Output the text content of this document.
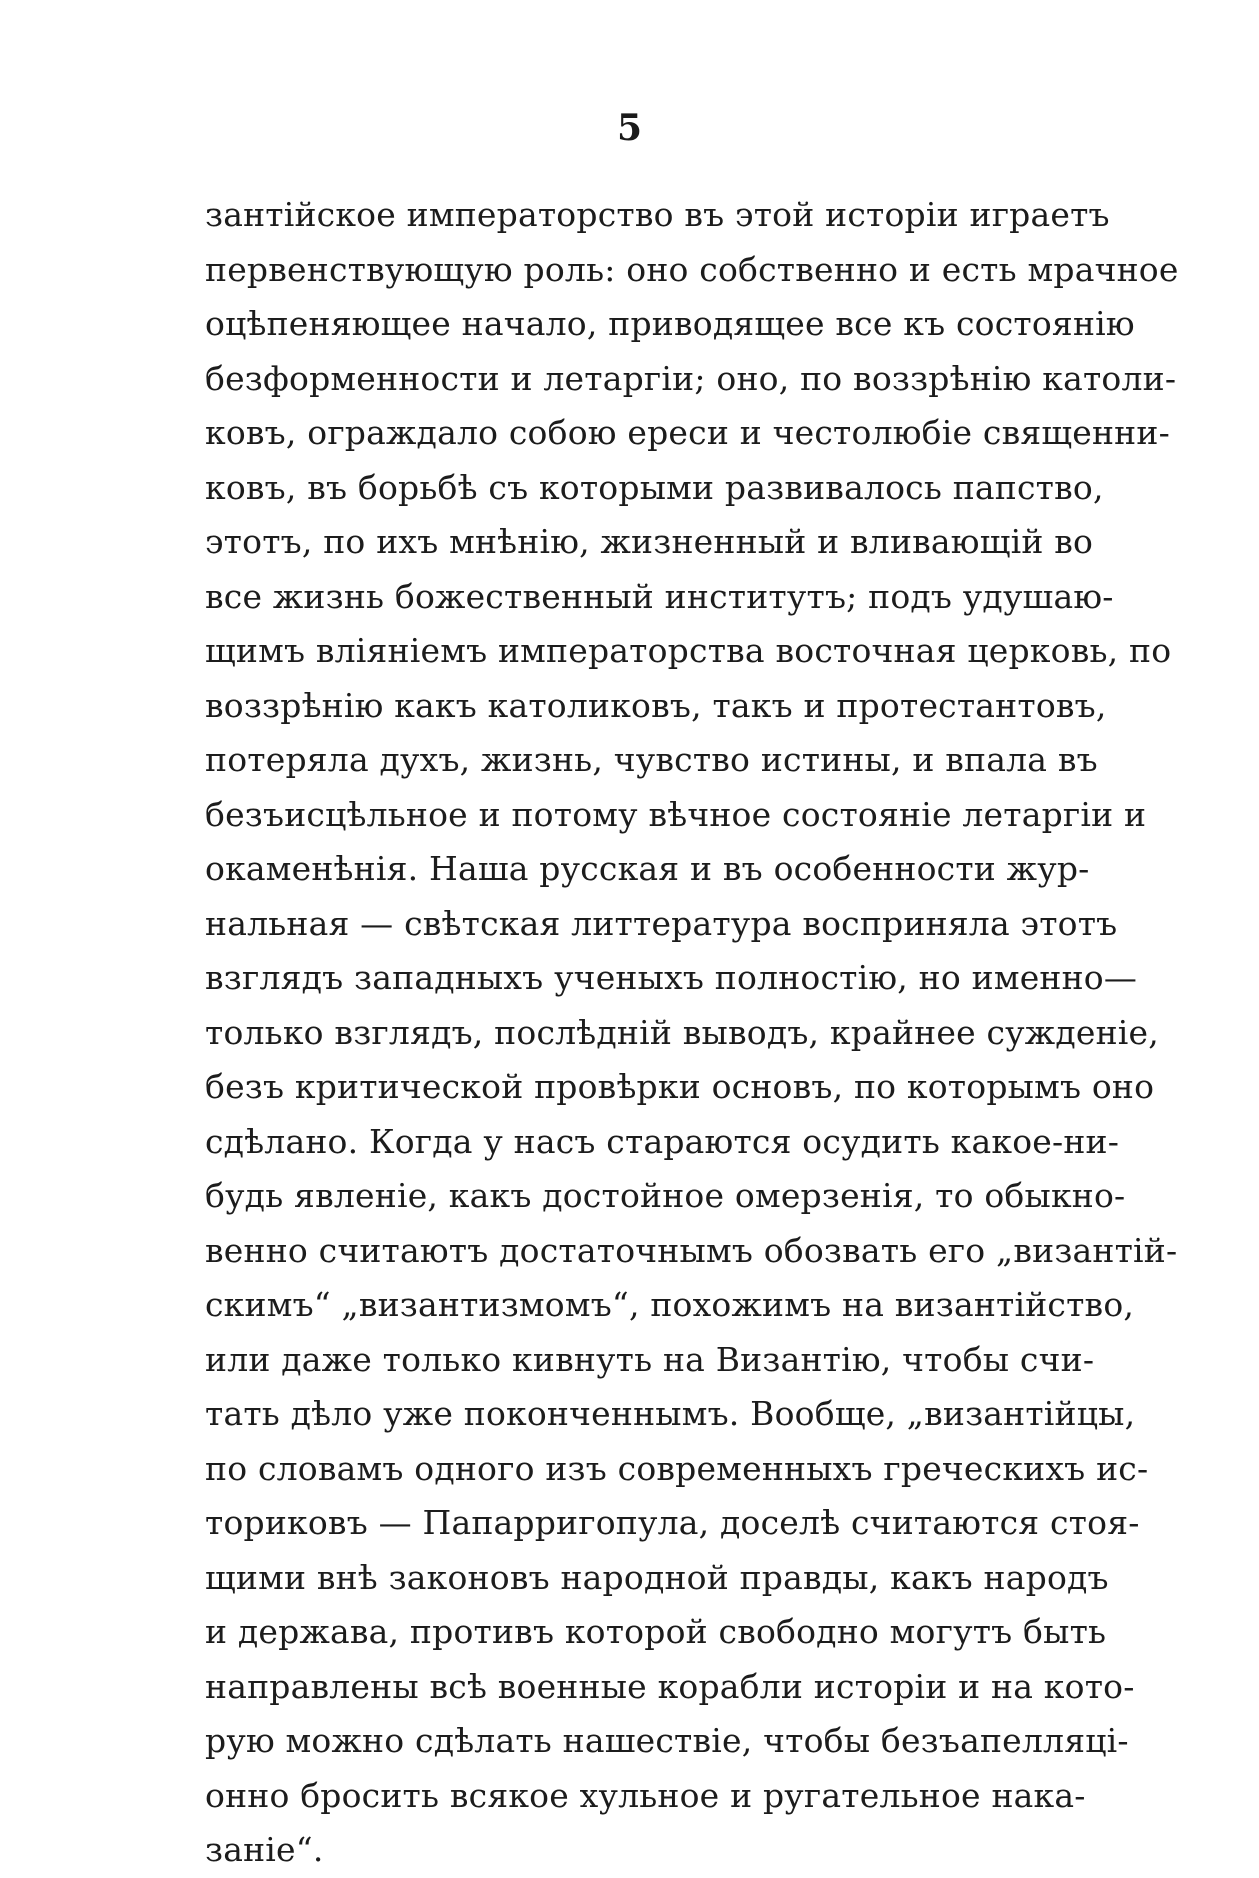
5
зантійское императорство въ этой исторіи играетъ
первенствующую роль: оно собственно и есть мрачное
оцѣпеняющее начало, приводящее все къ состоянію
безформенности и летаргіи; оно, по воззрѣнію католи-
ковъ, ограждало собою ереси и честолюбіе священни-
ковъ, въ борьбѣ съ которыми развивалось папство,
этотъ, по ихъ мнѣнію, жизненный и вливающій во
все жизнь божественный институтъ; подъ удушаю-
щимъ вліяніемъ императорства восточная церковь, по
воззрѣнію какъ католиковъ, такъ и протестантовъ,
потеряла духъ, жизнь, чувство истины, и впала въ
безъисцѣльное и потому вѣчное состояніе летаргіи и
окаменѣнія. Наша русская и въ особенности жур-
нальная — свѣтская литтература восприняла этотъ
взглядъ западныхъ ученыхъ полностію, но именно—
только взглядъ, послѣдній выводъ, крайнее сужденіе,
безъ критической провѣрки основъ, по которымъ оно
сдѣлано. Когда у насъ стараются осудить какое-ни-
будь явленіе, какъ достойное омерзенія, то обыкно-
венно считаютъ достаточнымъ обозвать его „византій-
скимъ“ „византизмомъ“, похожимъ на византійство,
или даже только кивнуть на Византію, чтобы счи-
тать дѣло уже поконченнымъ. Вообще, „византійцы,
по словамъ одного изъ современныхъ греческихъ ис-
ториковъ — Папарригопула, доселѣ считаются стоя-
щими внѣ законовъ народной правды, какъ народъ
и держава, противъ которой свободно могутъ быть
направлены всѣ военные корабли исторіи и на кото-
рую можно сдѣлать нашествіе, чтобы безъапелляці-
онно бросить всякое хульное и ругательное нака-
заніе“.
